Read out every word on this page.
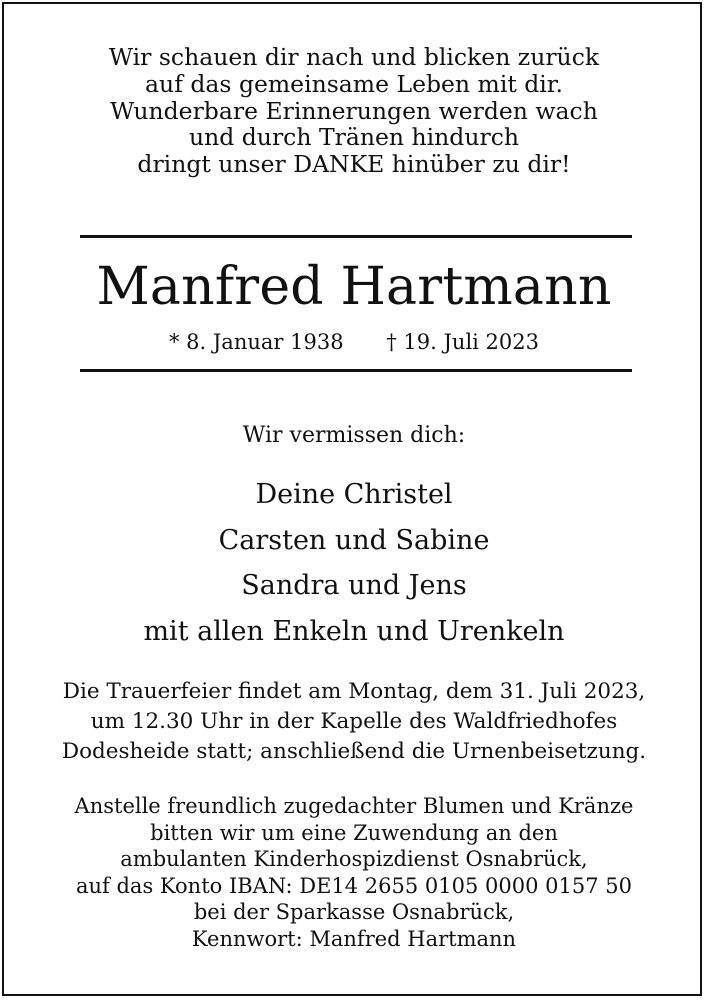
Wir schauen dir nach und blicken zurück
auf das gemeinsame Leben mit dir.
Wunderbare Erinnerungen werden wach
und durch Tränen hindurch
dringt unser DANKE hinüber zu dir!
Manfred Hartmann
* 8. Januar 1938 † 19. Juli 2023
Wir vermissen dich:
Deine Christel
Carsten und Sabine
Sandra und Jens
mit allen Enkeln und Urenkeln
Die Trauerfeier findet am Montag, dem 31. Juli 2023,
um 12.30 Uhr in der Kapelle des Waldfriedhofes
Dodesheide statt; anschließend die Urnenbeisetzung.
Anstelle freundlich zugedachter Blumen und Kränze
bitten wir um eine Zuwendung an den
ambulanten Kinderhospizdienst Osnabrück,
auf das Konto IBAN: DE14 2655 0105 0000 0157 50
bei der Sparkasse Osnabrück,
Kennwort: Manfred Hartmann
